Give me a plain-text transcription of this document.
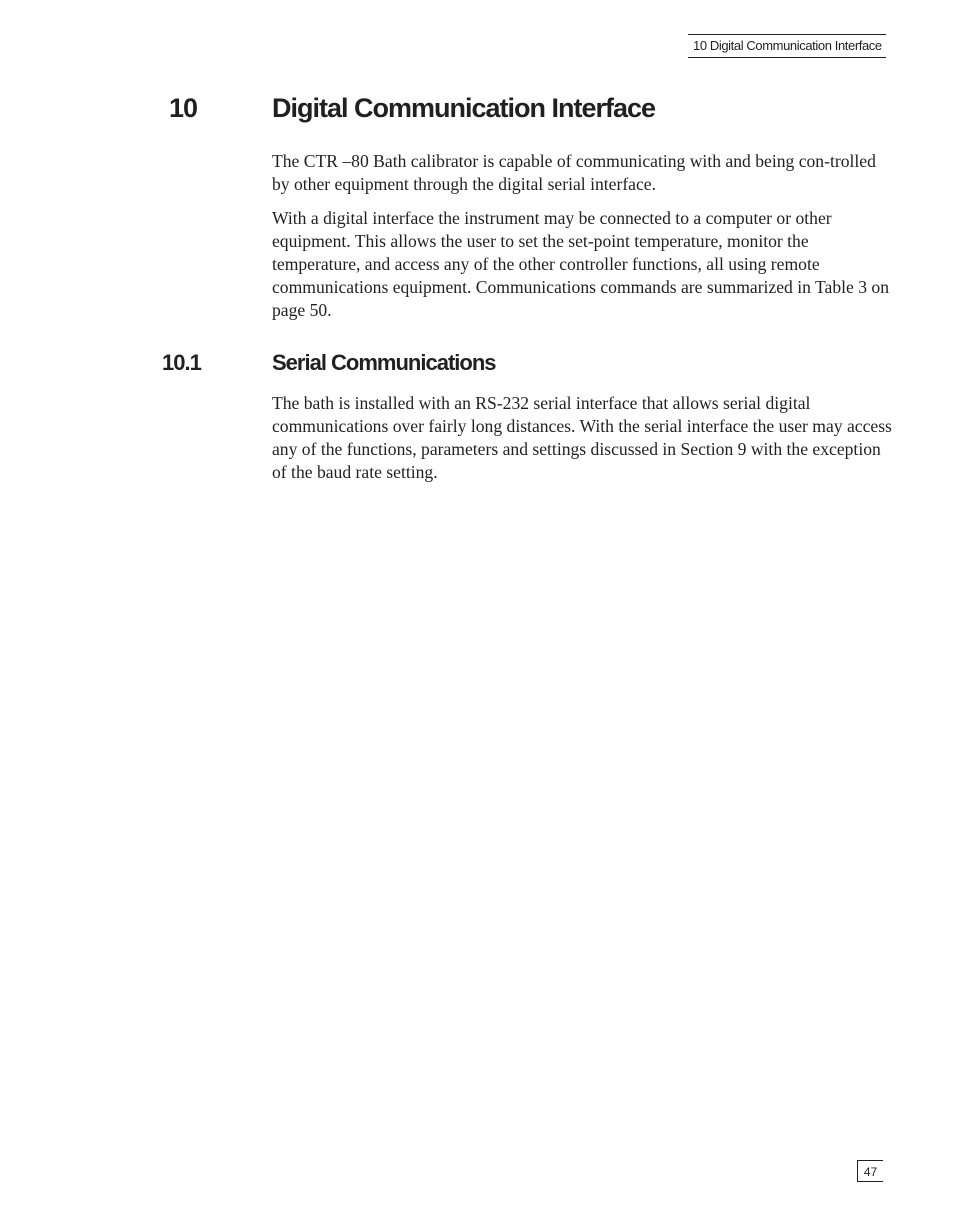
10 Digital Communication Interface
10	Digital Communication Interface

The CTR –80 Bath calibrator is capable of communicating with and being con-trolled by other equipment through the digital serial interface.

With a digital interface the instrument may be connected to a computer or other equipment. This allows the user to set the set-point temperature, monitor the temperature, and access any of the other controller functions, all using remote communications equipment. Communications commands are summarized in Table 3 on page 50.

10.1	Serial Communications

The bath is installed with an RS-232 serial interface that allows serial digital communications over fairly long distances. With the serial interface the user may access any of the functions, parameters and settings discussed in Section 9 with the exception of the baud rate setting.

47
